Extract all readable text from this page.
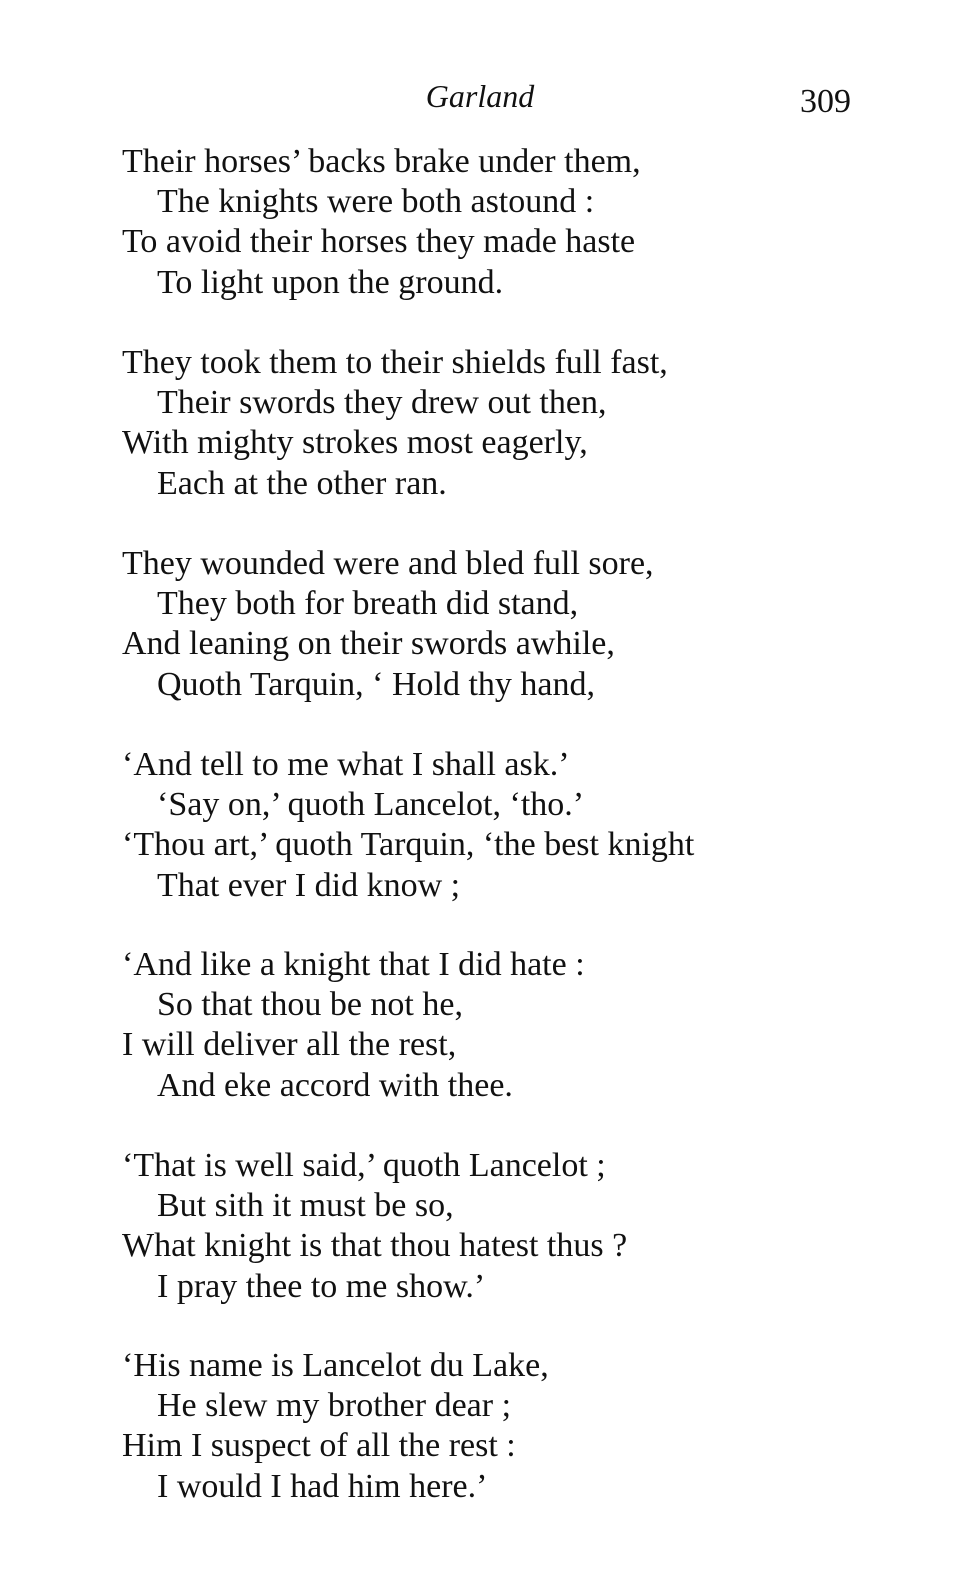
Garland	309
Their horses’ backs brake under them,
The knights were both astound :
To avoid their horses they made haste
To light upon the ground.
They took them to their shields full fast,
Their swords they drew out then,
With mighty strokes most eagerly,
Each at the other ran.
They wounded were and bled full sore,
They both for breath did stand,
And leaning on their swords awhile,
Quoth Tarquin, ‘ Hold thy hand,
‘And tell to me what I shall ask.’
‘Say on,’ quoth Lancelot, ‘tho.’
‘Thou art,’ quoth Tarquin, ‘the best knight
That ever I did know ;
‘And like a knight that I did hate :
So that thou be not he,
I will deliver all the rest,
And eke accord with thee.
‘That is well said,’ quoth Lancelot ;
But sith it must be so,
What knight is that thou hatest thus ?
I pray thee to me show.’
‘His name is Lancelot du Lake,
He slew my brother dear ;
Him I suspect of all the rest :
I would I had him here.’
